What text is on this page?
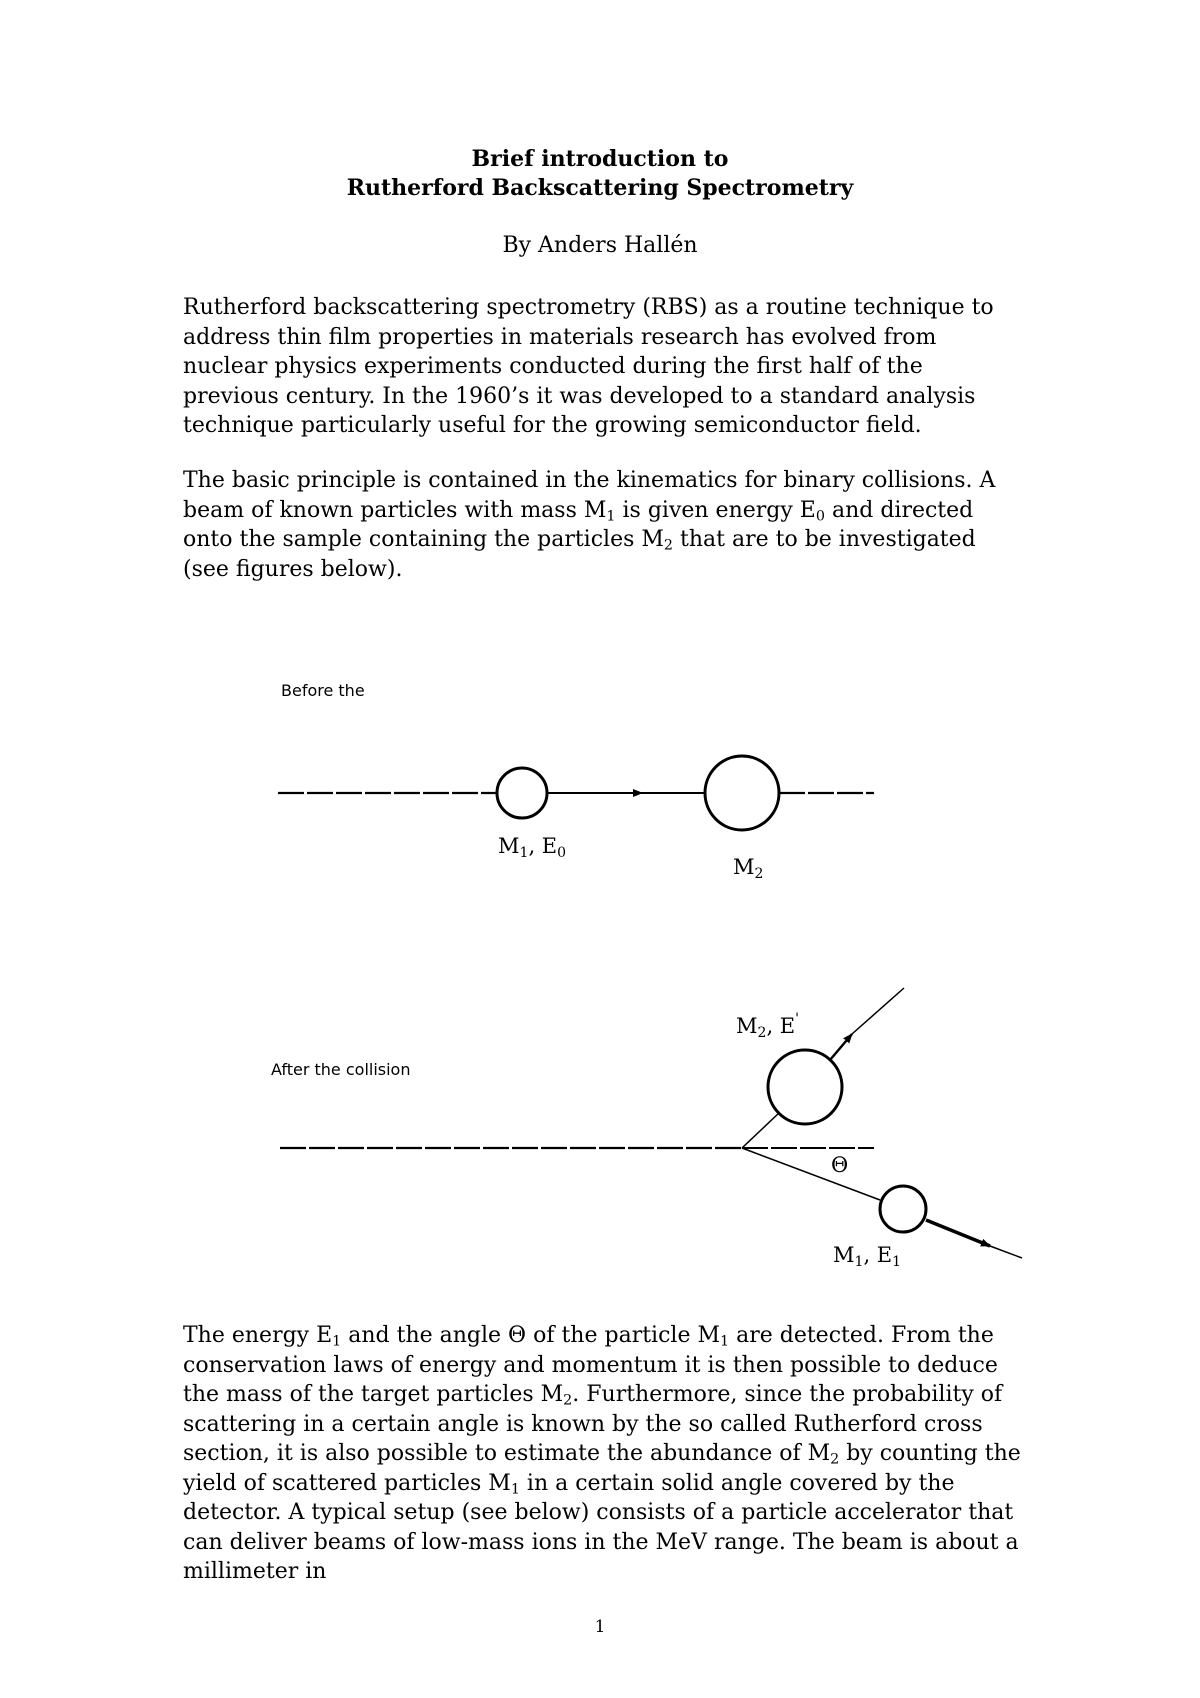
Brief introduction to
Rutherford Backscattering Spectrometry
By Anders Hallén

Rutherford backscattering spectrometry (RBS) as a routine technique to address thin film properties in materials research has evolved from nuclear physics experiments conducted during the first half of the previous century. In the 1960’s it was developed to a standard analysis technique particularly useful for the growing semiconductor field.

The basic principle is contained in the kinematics for binary collisions. A beam of known particles with mass $M_1$ is given energy $E_0$ and directed onto the sample containing the particles $M_2$ that are to be investigated (see figures below).

Before the
M1, E0
M2
After the collision
Θ
M2, E'
M1, E1

The energy $E_1$ and the angle Θ of the particle $M_1$ are detected. From the conservation laws of energy and momentum it is then possible to deduce the mass of the target particles $M_2$. Furthermore, since the probability of scattering in a certain angle is known by the so called Rutherford cross section, it is also possible to estimate the abundance of $M_2$ by counting the yield of scattered particles $M_1$ in a certain solid angle covered by the detector. A typical setup (see below) consists of a particle accelerator that can deliver beams of low-mass ions in the MeV range. The beam is about a millimeter in

1
